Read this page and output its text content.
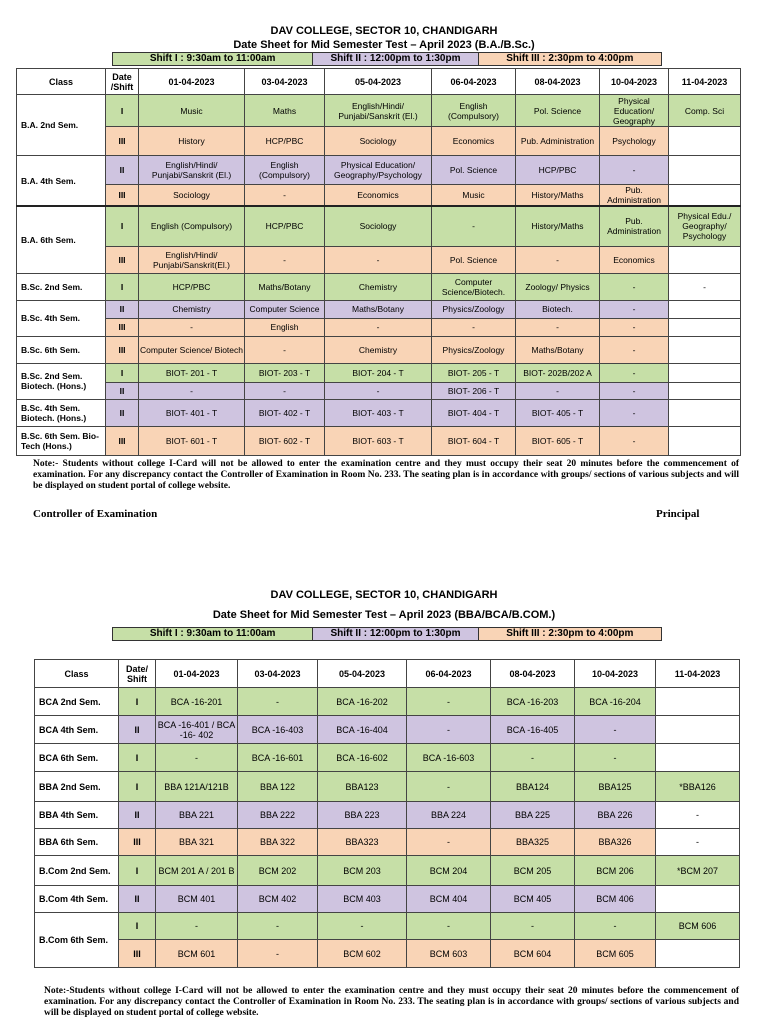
DAV COLLEGE, SECTOR 10, CHANDIGARH
Date Sheet for Mid Semester Test – April 2023 (B.A./B.Sc.)
Shift I : 9:30am to 11:00am	Shift II : 12:00pm to 1:30pm	Shift III : 2:30pm to 4:00pm
Class	Date /Shift	01-04-2023	03-04-2023	05-04-2023	06-04-2023	08-04-2023	10-04-2023	11-04-2023
B.A. 2nd Sem.	I	Music	Maths	English/Hindi/ Punjabi/Sanskrit (El.)	English (Compulsory)	Pol. Science	Physical Education/ Geography	Comp. Sci
	III	History	HCP/PBC	Sociology	Economics	Pub. Administration	Psychology	
B.A. 4th Sem.	II	English/Hindi/ Punjabi/Sanskrit (El.)	English (Compulsory)	Physical Education/ Geography/Psychology	Pol. Science	HCP/PBC	-	
	III	Sociology	-	Economics	Music	History/Maths	Pub. Administration	
B.A. 6th Sem.	I	English (Compulsory)	HCP/PBC	Sociology	-	History/Maths	Pub. Administration	Physical Edu./ Geography/ Psychology
	III	English/Hindi/ Punjabi/Sanskrit(El.)	-	-	Pol. Science	-	Economics	
B.Sc. 2nd Sem.	I	HCP/PBC	Maths/Botany	Chemistry	Computer Science/Biotech.	Zoology/ Physics	-	-
B.Sc. 4th Sem.	II	Chemistry	Computer Science	Maths/Botany	Physics/Zoology	Biotech.	-	
	III	-	English	-	-	-	-	
B.Sc. 6th Sem.	III	Computer Science/ Biotech	-	Chemistry	Physics/Zoology	Maths/Botany	-	
B.Sc. 2nd Sem. Biotech. (Hons.)	I	BIOT- 201 - T	BIOT- 203 - T	BIOT- 204 - T	BIOT- 205 - T	BIOT- 202B/202 A	-	
	II	-	-	-	BIOT- 206 - T	-	-	
B.Sc. 4th Sem. Biotech. (Hons.)	II	BIOT- 401 - T	BIOT- 402 - T	BIOT- 403 - T	BIOT- 404 - T	BIOT- 405 - T	-	
B.Sc. 6th Sem. Bio-Tech (Hons.)	III	BIOT- 601 - T	BIOT- 602 - T	BIOT- 603 - T	BIOT- 604 - T	BIOT- 605 - T	-	
Note:- Students without college I-Card will not be allowed to enter the examination centre and they must occupy their seat 20 minutes before the commencement of examination. For any discrepancy contact the Controller of Examination in Room No. 233. The seating plan is in accordance with groups/ sections of various subjects and will be displayed on student portal of college website.
Controller of Examination	Principal
DAV COLLEGE, SECTOR 10, CHANDIGARH
Date Sheet for Mid Semester Test – April 2023 (BBA/BCA/B.COM.)
Shift I : 9:30am to 11:00am	Shift II : 12:00pm to 1:30pm	Shift III : 2:30pm to 4:00pm
Class	Date/ Shift	01-04-2023	03-04-2023	05-04-2023	06-04-2023	08-04-2023	10-04-2023	11-04-2023
BCA 2nd Sem.	I	BCA -16-201	-	BCA -16-202	-	BCA -16-203	BCA -16-204	
BCA 4th Sem.	II	BCA -16-401 / BCA -16- 402	BCA -16-403	BCA -16-404	-	BCA -16-405	-	
BCA 6th Sem.	I	-	BCA -16-601	BCA -16-602	BCA -16-603	-	-	
BBA 2nd Sem.	I	BBA 121A/121B	BBA 122	BBA123	-	BBA124	BBA125	*BBA126
BBA 4th Sem.	II	BBA 221	BBA 222	BBA 223	BBA 224	BBA 225	BBA 226	-
BBA 6th Sem.	III	BBA 321	BBA 322	BBA323	-	BBA325	BBA326	-
B.Com 2nd Sem.	I	BCM 201 A / 201 B	BCM 202	BCM 203	BCM 204	BCM 205	BCM 206	*BCM 207
B.Com 4th Sem.	II	BCM 401	BCM 402	BCM 403	BCM 404	BCM 405	BCM 406	
B.Com 6th Sem.	I	-	-	-	-	-	-	BCM 606
	III	BCM 601	-	BCM 602	BCM 603	BCM 604	BCM 605	
Note:-Students without college I-Card will not be allowed to enter the examination centre and they must occupy their seat 20 minutes before the commencement of examination. For any discrepancy contact the Controller of Examination in Room No. 233. The seating plan is in accordance with groups/ sections of various subjects and will be displayed on student portal of college website.
